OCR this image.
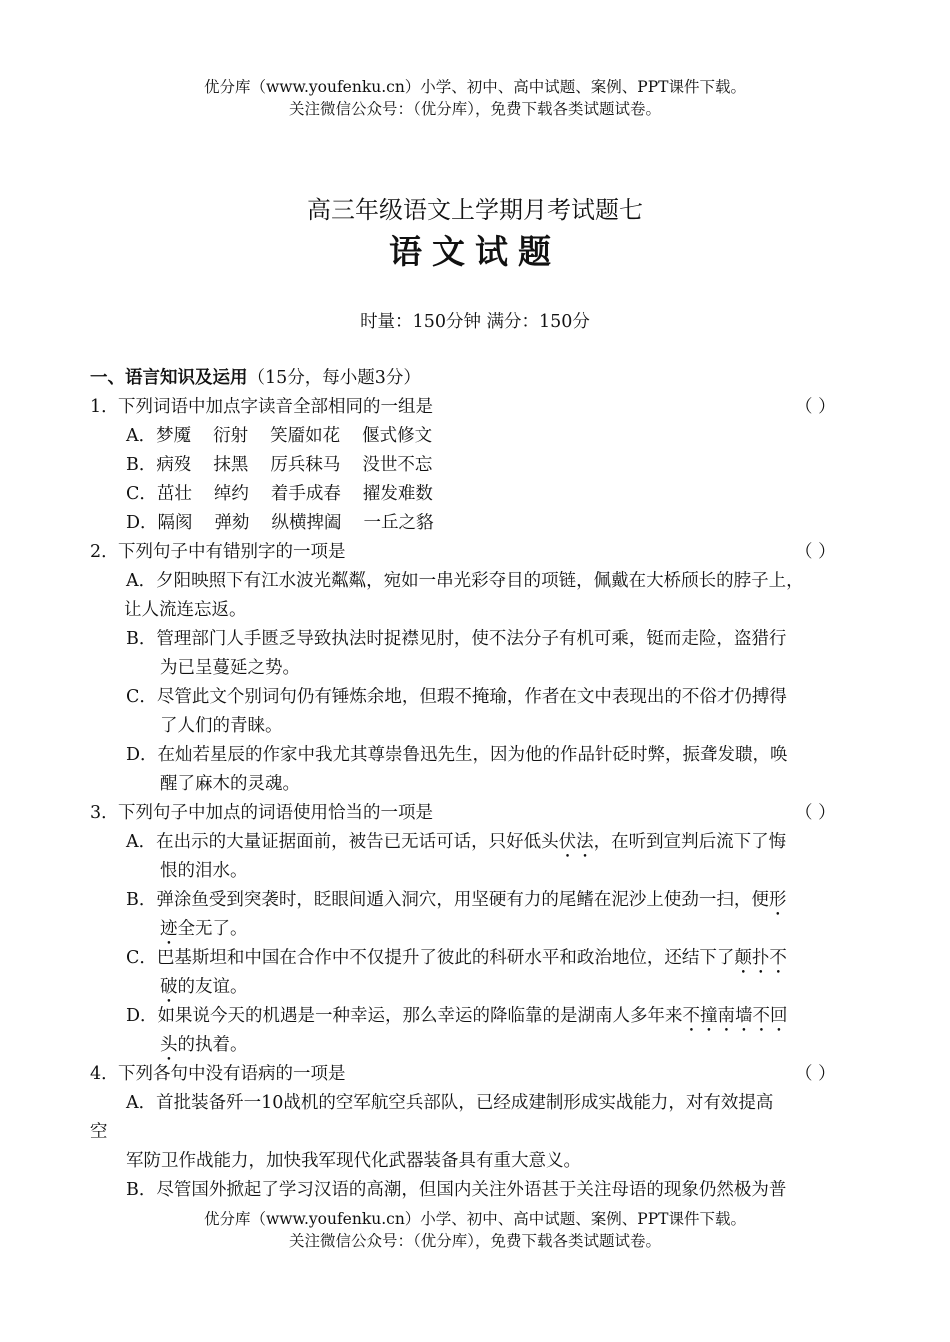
优分库（www.youfenku.cn）小学、初中、高中试题、案例、PPT课件下载。
关注微信公众号：（优分库），免费下载各类试题试卷。
高三年级语文上学期月考试题七
语文试题
时量：150分钟 满分：150分
一、语言知识及运用（15分，每小题3分）
1．下列词语中加点字读音全部相同的一组是	（ ）
A．梦魇 衍射 笑靥如花 偃式修文
B．病歿 抹黑 厉兵秣马 没世不忘
C．茁壮 绰约 着手成春 擢发难数
D．隔阂 弹劾 纵横捭阖 一丘之貉
2．下列句子中有错别字的一项是	（ ）
A．夕阳映照下有江水波光粼粼，宛如一串光彩夺目的项链，佩戴在大桥颀长的脖子上，
让人流连忘返。
B．管理部门人手匮乏导致执法时捉襟见肘，使不法分子有机可乘，铤而走险，盗猎行
为已呈蔓延之势。
C．尽管此文个别词句仍有锤炼余地，但瑕不掩瑜，作者在文中表现出的不俗才仍搏得
了人们的青睐。
D．在灿若星辰的作家中我尤其尊崇鲁迅先生，因为他的作品针砭时弊，振聋发聩，唤
醒了麻木的灵魂。
3．下列句子中加点的词语使用恰当的一项是	（ ）
A．在出示的大量证据面前，被告已无话可话，只好低头伏法，在听到宣判后流下了悔
恨的泪水。
B．弹涂鱼受到突袭时，眨眼间遁入洞穴，用坚硬有力的尾鳍在泥沙上使劲一扫，便形
迹全无了。
C．巴基斯坦和中国在合作中不仅提升了彼此的科研水平和政治地位，还结下了颠扑不
破的友谊。
D．如果说今天的机遇是一种幸运，那么幸运的降临靠的是湖南人多年来不撞南墙不回
头的执着。
4．下列各句中没有语病的一项是	（ ）
A．首批装备歼一10战机的空军航空兵部队，已经成建制形成实战能力，对有效提高
空
军防卫作战能力，加快我军现代化武器装备具有重大意义。
B．尽管国外掀起了学习汉语的高潮，但国内关注外语甚于关注母语的现象仍然极为普
优分库（www.youfenku.cn）小学、初中、高中试题、案例、PPT课件下载。
关注微信公众号：（优分库），免费下载各类试题试卷。
